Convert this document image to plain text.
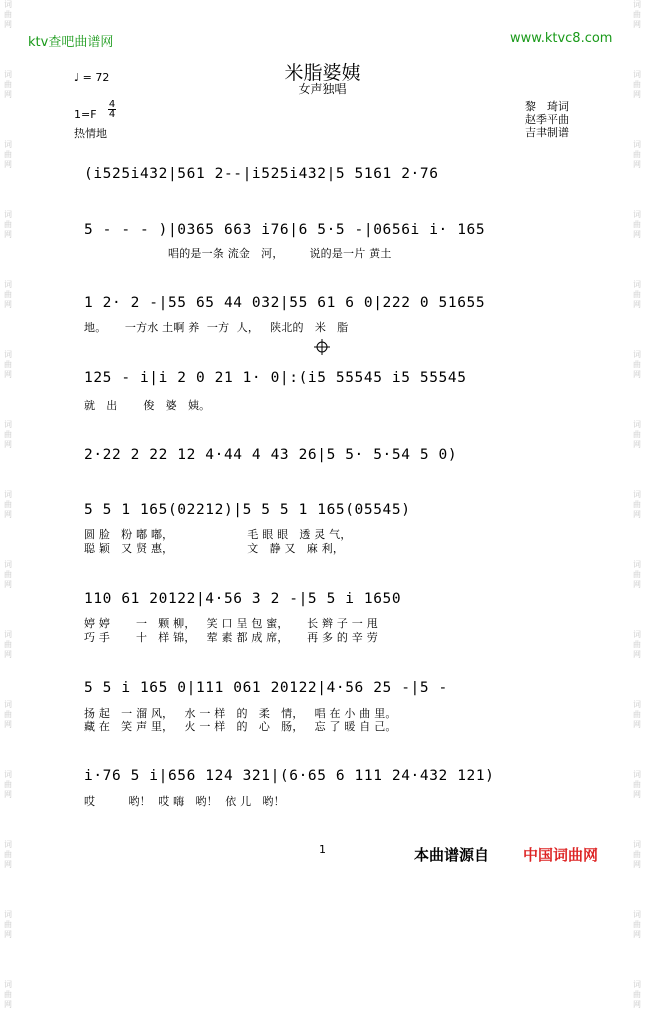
词
曲
网

词
曲
网

词
曲
网

词
曲
网

词
曲
网

词
曲
网

词
曲
网

词
曲
网

词
曲
网

词
曲
网

词
曲
网

词
曲
网

词
曲
网

词
曲
网

词
曲
网
词
曲
网

词
曲
网

词
曲
网

词
曲
网

词
曲
网

词
曲
网

词
曲
网

词
曲
网

词
曲
网

词
曲
网

词
曲
网

词
曲
网

词
曲
网

词
曲
网

词
曲
网
ktv查吧曲谱网	www.ktvc8.com
米脂婆姨
女声独唱
♩ = 72
1=F
4
4
热情地
黎　琦词
赵季平曲
吉聿制谱
(i525i432|561 2--|i525i432|5 5161 2·76
5 - - - )|0365 663 i76|6 5·5 -|0656i i· 165
唱的是一条 流金   河，       说的是一片 黄土
1 2· 2 -|55 65 44 032|55 61 6 0|222 0 51655
地。     一方水 土啊 养  一方  人，   陕北的   米   脂
125 - i|i 2 0 21 1· 0|:(i5 55545 i5 55545
就   出       俊   婆   姨。
2·22 2 22 12 4·44 4 43 26|5 5· 5·54 5 0)
5 5 1 165(02212)|5 5 5 1 165(05545)
圆 脸   粉 嘟 嘟，                    毛 眼 眼   透 灵 气，
聪 颖   又 贤 惠，                    文   静 又   麻 利，
110 61 20122|4·56 3 2 -|5 5 i 1650
婷 婷       一   颗 柳，   笑 口 呈 包 蜜，     长 辫 子 一 甩
巧 手       十   样 锦，   荤 素 都 成 席，     再 多 的 辛 劳
5 5 i 165 0|111 061 20122|4·56 25 -|5 -
扬 起   一 溜 风，   水 一 样   的   柔   情，   唱 在 小 曲 里。
藏 在   笑 声 里，   火 一 样   的   心   肠，   忘 了 暖 自 己。
i·76 5 i|656 124 321|(6·65 6 111 24·432 121)
哎         哟！  哎 嗨   哟！  依 儿   哟！
1	本曲谱源自 中国词曲网
